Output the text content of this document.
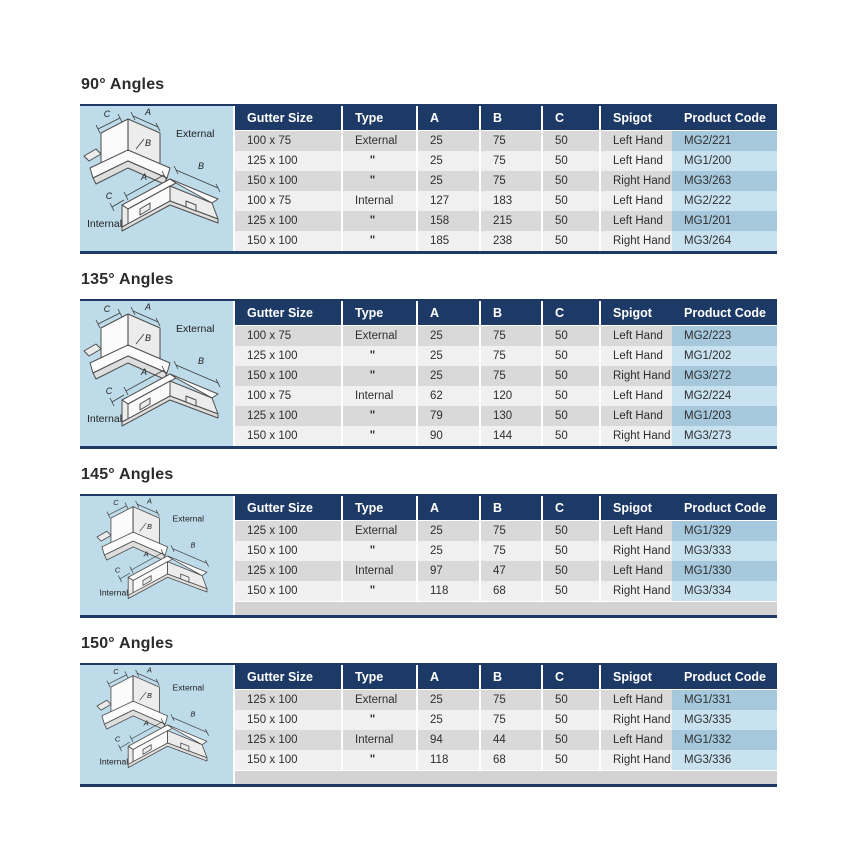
90° Angles
C	A
B
External
A
B
C
Internal
Gutter Size	Type	A	B	C	Spigot	Product Code
100 x 75	External	25	75	50	Left Hand	MG2/221
125 x 100	"	25	75	50	Left Hand	MG1/200
150 x 100	"	25	75	50	Right Hand	MG3/263
100 x 75	Internal	127	183	50	Left Hand	MG2/222
125 x 100	"	158	215	50	Left Hand	MG1/201
150 x 100	"	185	238	50	Right Hand	MG3/264
135° Angles
C	A
B
External
A
B
C
Internal
Gutter Size	Type	A	B	C	Spigot	Product Code
100 x 75	External	25	75	50	Left Hand	MG2/223
125 x 100	"	25	75	50	Left Hand	MG1/202
150 x 100	"	25	75	50	Right Hand	MG3/272
100 x 75	Internal	62	120	50	Left Hand	MG2/224
125 x 100	"	79	130	50	Left Hand	MG1/203
150 x 100	"	90	144	50	Right Hand	MG3/273
145° Angles
C	A
B
External
A
B
C
Internal
Gutter Size	Type	A	B	C	Spigot	Product Code
125 x 100	External	25	75	50	Left Hand	MG1/329
150 x 100	"	25	75	50	Right Hand	MG3/333
125 x 100	Internal	97	47	50	Left Hand	MG1/330
150 x 100	"	118	68	50	Right Hand	MG3/334
150° Angles
C	A
B
External
A
B
C
Internal
Gutter Size	Type	A	B	C	Spigot	Product Code
125 x 100	External	25	75	50	Left Hand	MG1/331
150 x 100	"	25	75	50	Right Hand	MG3/335
125 x 100	Internal	94	44	50	Left Hand	MG1/332
150 x 100	"	118	68	50	Right Hand	MG3/336
